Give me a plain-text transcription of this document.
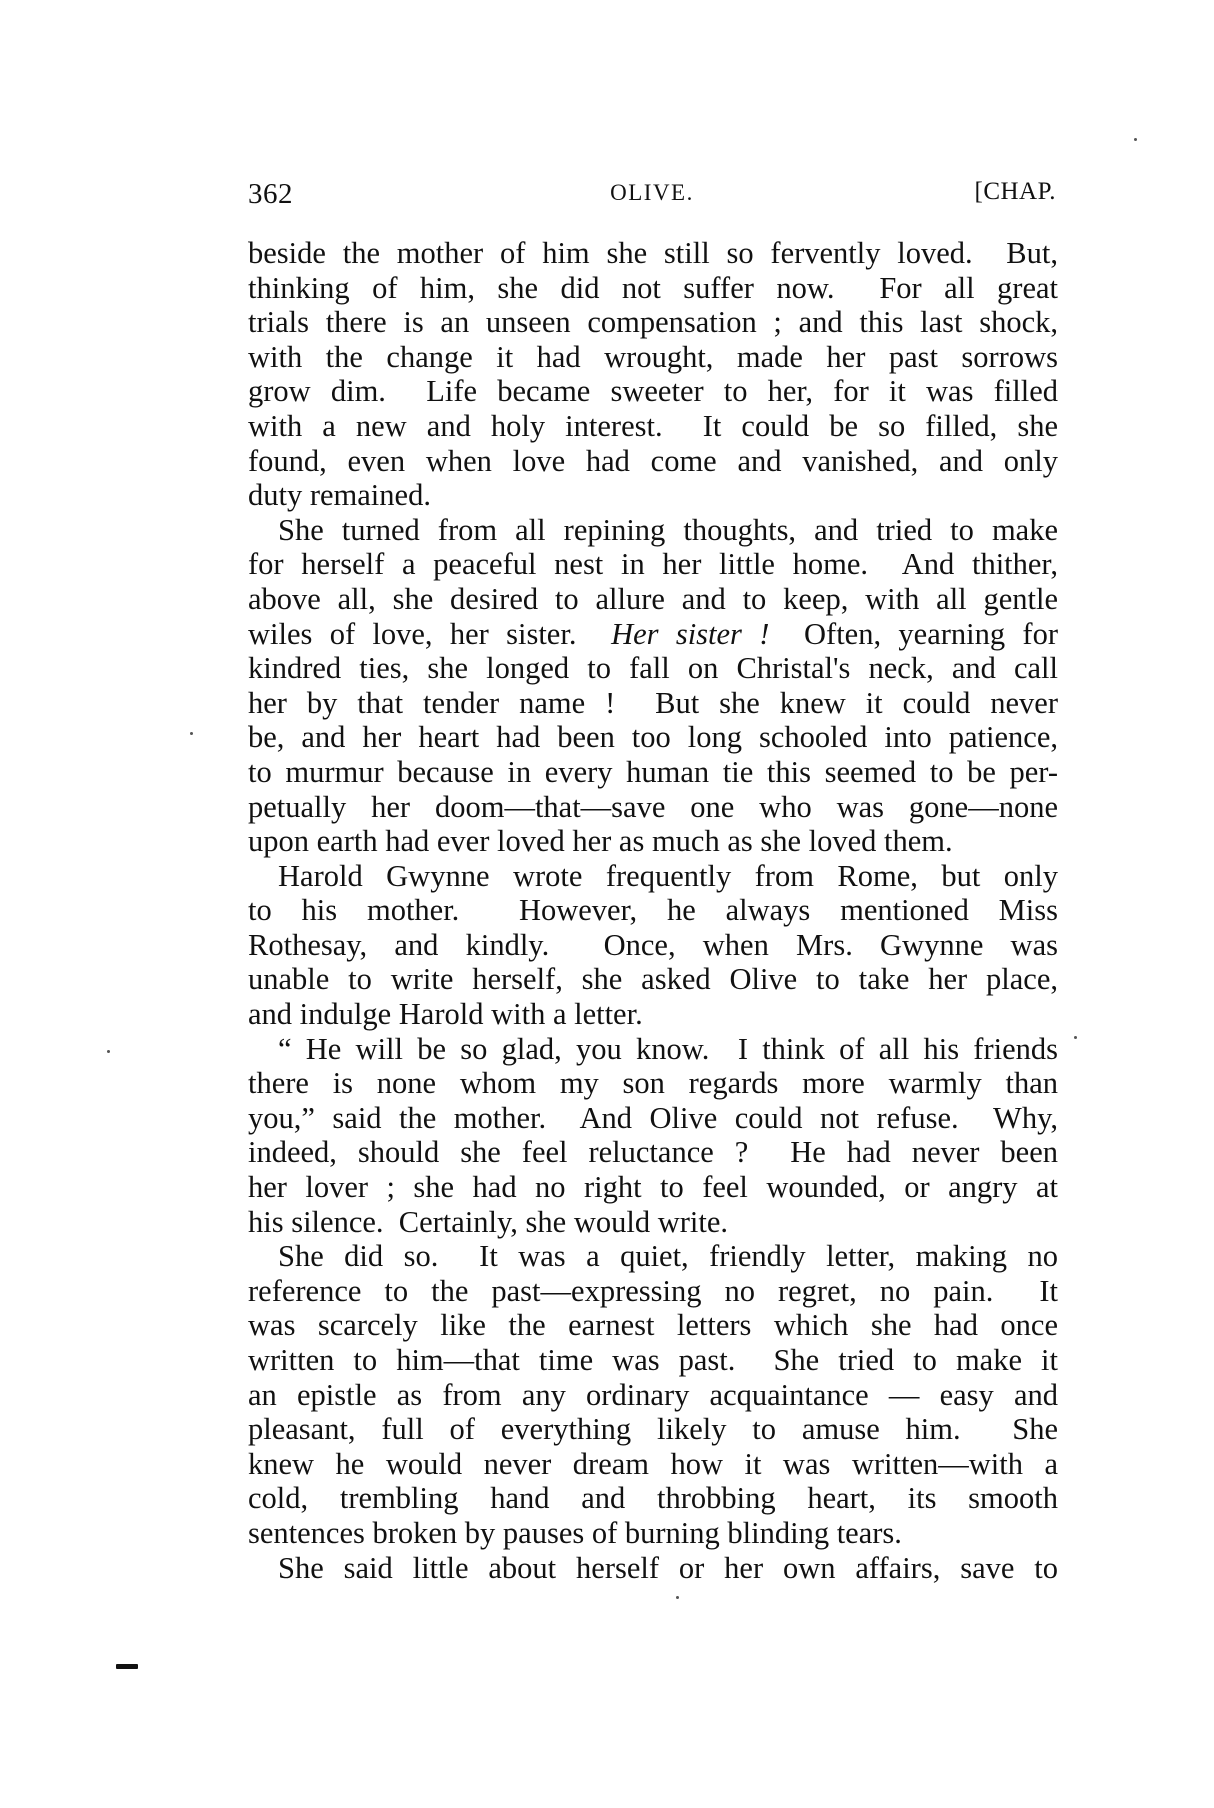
362	OLIVE.	[CHAP.
beside the mother of him she still so fervently loved.  But,
thinking of him, she did not suffer now.  For all great
trials there is an unseen compensation ; and this last shock,
with the change it had wrought, made her past sorrows
grow dim.  Life became sweeter to her, for it was filled
with a new and holy interest.  It could be so filled, she
found, even when love had come and vanished, and only
duty remained.
She turned from all repining thoughts, and tried to make
for herself a peaceful nest in her little home.  And thither,
above all, she desired to allure and to keep, with all gentle
wiles of love, her sister.  Her sister !  Often, yearning for
kindred ties, she longed to fall on Christal's neck, and call
her by that tender name !  But she knew it could never
be, and her heart had been too long schooled into patience,
to murmur because in every human tie this seemed to be per-
petually her doom—that—save one who was gone—none
upon earth had ever loved her as much as she loved them.
Harold Gwynne wrote frequently from Rome, but only
to his mother.  However, he always mentioned Miss
Rothesay, and kindly.  Once, when Mrs. Gwynne was
unable to write herself, she asked Olive to take her place,
and indulge Harold with a letter.
“ He will be so glad, you know.  I think of all his friends
there is none whom my son regards more warmly than
you,” said the mother.  And Olive could not refuse.  Why,
indeed, should she feel reluctance ?  He had never been
her lover ; she had no right to feel wounded, or angry at
his silence.  Certainly, she would write.
She did so.  It was a quiet, friendly letter, making no
reference to the past—expressing no regret, no pain.  It
was scarcely like the earnest letters which she had once
written to him—that time was past.  She tried to make it
an epistle as from any ordinary acquaintance — easy and
pleasant, full of everything likely to amuse him.  She
knew he would never dream how it was written—with a
cold, trembling hand and throbbing heart, its smooth
sentences broken by pauses of burning blinding tears.
She said little about herself or her own affairs, save to
